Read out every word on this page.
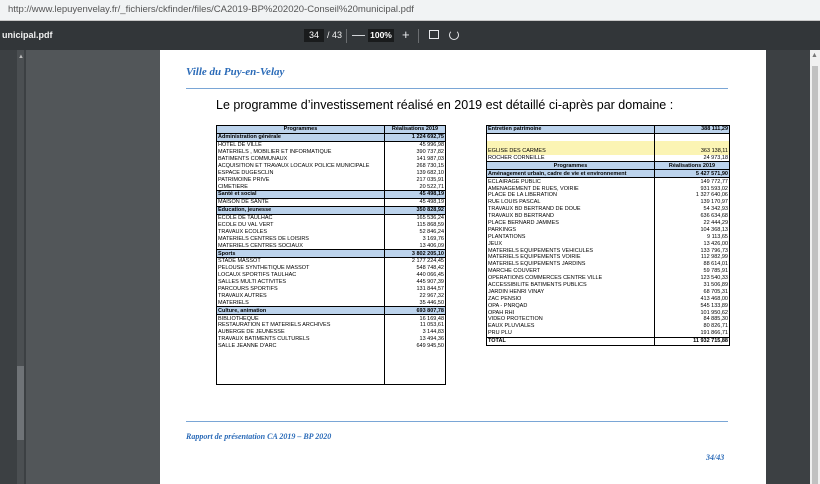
http://www.lepuyenvelay.fr/_fichiers/ckfinder/files/CA2019-BP%202020-Conseil%20municipal.pdf
unicipal.pdf
34	/ 43 — 100% +
▲	▲
Ville du Puy-en-Velay
Le programme d’investissement réalisé en 2019 est détaillé ci-après par domaine :
Programmes	Réalisations 2019
Administration générale	1 224 692,75
HOTEL DE VILLE	45 996,98
MATERIELS , MOBILIER ET INFORMATIQUE	390 737,82
BATIMENTS COMMUNAUX	141 987,03
ACQUISITION ET TRAVAUX LOCAUX POLICE MUNICIPALE	268 730,15
ESPACE DUGESCLIN	139 682,10
PATRIMOINE PRIVE	217 035,91
CIMETIERE	20 522,71
Santé et social	45 498,19
MAISON DE SANTE	45 498,19
Education, jeunesse	350 828,92
ECOLE DE TAULHAC	165 536,24
ECOLE DU VAL VERT	115 868,59
TRAVAUX ECOLES	52 846,24
MATERIELS CENTRES DE LOISIRS	3 169,76
MATERIELS CENTRES SOCIAUX	13 406,09
Sports	3 802 205,10
STADE MASSOT	2 177 224,45
PELOUSE SYNTHETIQUE MASSOT	548 748,42
LOCAUX SPORTIFS TAULHAC	440 066,45
SALLES MULTI ACTIVITES	445 907,39
PARCOURS SPORTIFS	131 844,57
TRAVAUX AUTRES	22 967,32
MATERIELS	35 446,50
Culture, animation	693 807,78
BIBLIOTHEQUE	16 169,48
RESTAURATION ET MATERIELS ARCHIVES	11 053,61
AUBERGE DE JEUNESSE	3 144,83
TRAVAUX BATIMENTS CULTURELS	13 494,36
SALLE JEANNE D'ARC	649 945,50

Entretien patrimoine	388 111,29

EGLISE DES CARMES	363 138,11
ROCHER CORNEILLE	24 973,18
Programmes	Réalisations 2019
Aménagement urbain, cadre de vie et environnement	5 427 571,90
ECLAIRAGE PUBLIC	149 772,77
AMENAGEMENT DE RUES, VOIRIE	931 593,02
PLACE DE LA LIBERATION	1 327 640,06
RUE LOUIS PASCAL	139 170,97
TRAVAUX BD BERTRAND DE DOUE	54 342,93
TRAVAUX BD BERTRAND	636 634,68
PLACE BERNARD JAMMES	22 444,29
PARKINGS	104 368,13
PLANTATIONS	9 113,65
JEUX	13 426,00
MATERIELS EQUIPEMENTS VEHICULES	133 796,73
MATERIELS EQUIPEMENTS VOIRIE	112 982,99
MATERIELS EQUIPEMENTS JARDINS	88 614,01
MARCHE COUVERT	59 785,91
OPERATIONS COMMERCES CENTRE VILLE	123 540,33
ACCESSIBILITE BATIMENTS PUBLICS	31 506,89
JARDIN HENRI VINAY	68 705,31
ZAC PENSIO	413 468,00
OPA - PNRQAD	545 133,89
OPAH RHI	101 950,62
VIDEO PROTECTION	84 885,30
EAUX PLUVIALES	80 826,71
PRU PLU	191 866,71
TOTAL	11 932 715,88
Rapport de présentation CA 2019 – BP 2020
34/43
